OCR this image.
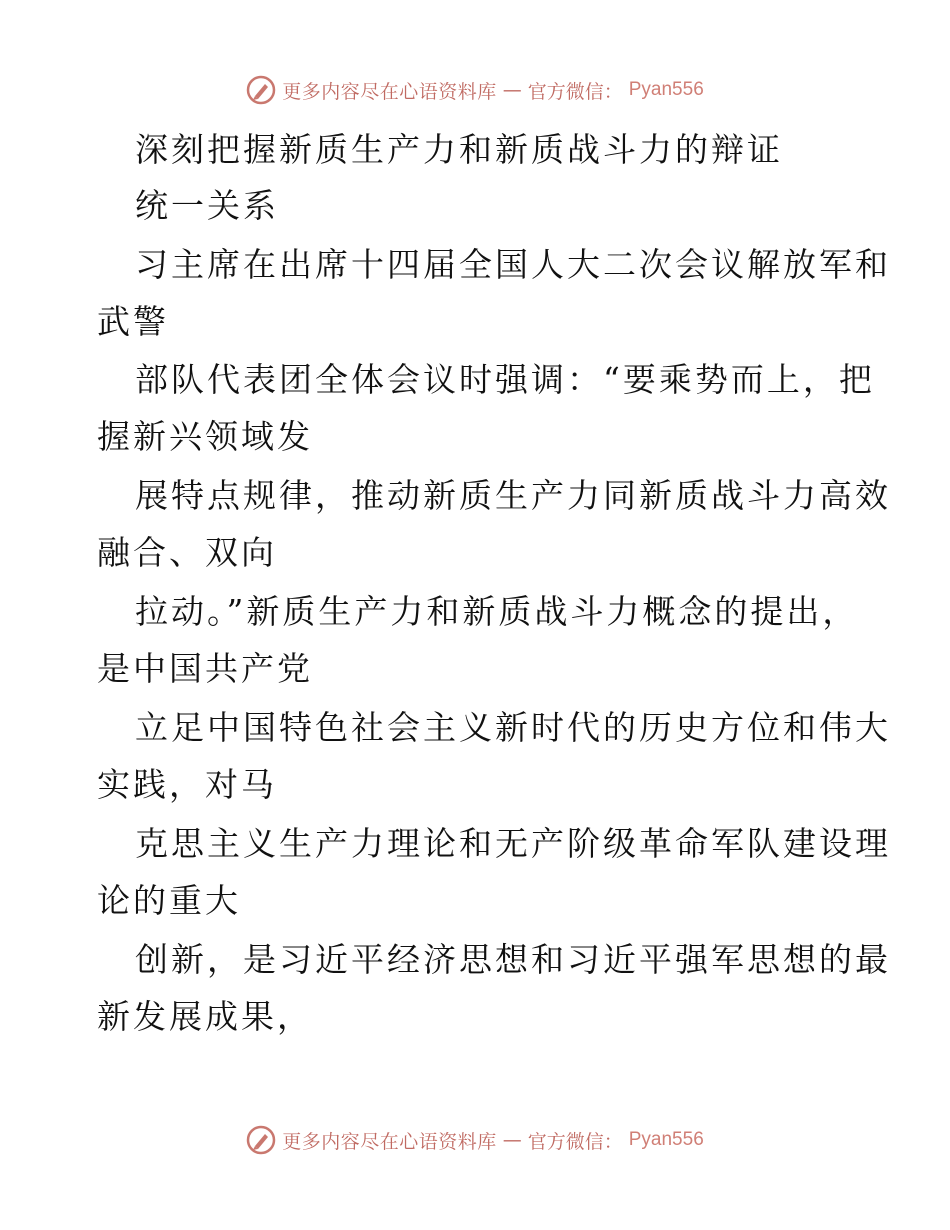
更多内容尽在心语资料库 — 官方微信： Pyan556
深刻把握新质生产力和新质战斗力的辩证
统一关系
习主席在出席十四届全国人大二次会议解放军和
武警
部队代表团全体会议时强调：“要乘势而上，把
握新兴领域发
展特点规律，推动新质生产力同新质战斗力高效
融合、双向
拉动。”新质生产力和新质战斗力概念的提出，
是中国共产党
立足中国特色社会主义新时代的历史方位和伟大
实践，对马
克思主义生产力理论和无产阶级革命军队建设理
论的重大
创新，是习近平经济思想和习近平强军思想的最
新发展成果，
更多内容尽在心语资料库 — 官方微信： Pyan556
